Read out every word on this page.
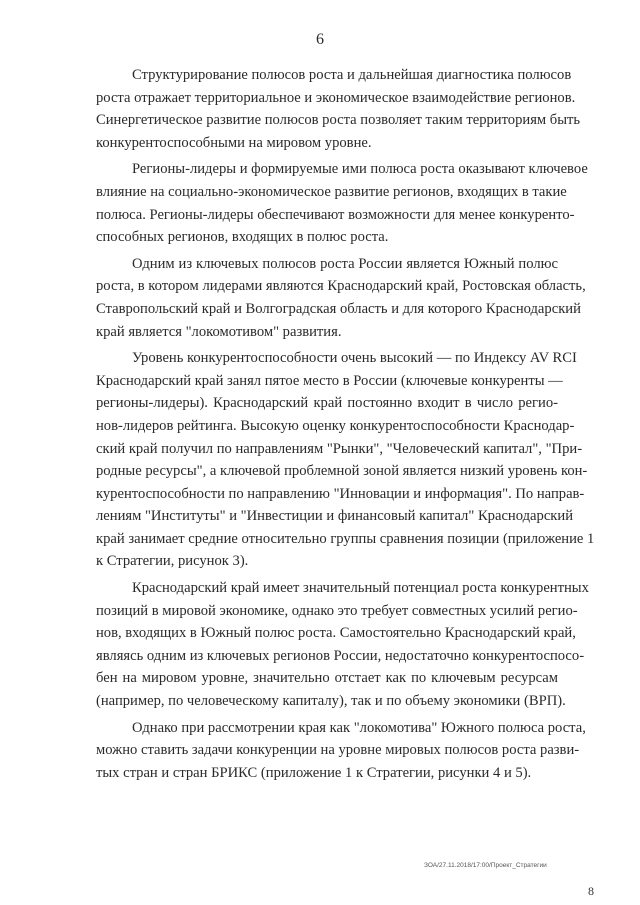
6
Структурирование полюсов роста и дальнейшая диагностика полюсов
роста отражает территориальное и экономическое взаимодействие регионов.
Синергетическое развитие полюсов роста позволяет таким территориям быть
конкурентоспособными на мировом уровне.
Регионы-лидеры и формируемые ими полюса роста оказывают ключевое
влияние на социально-экономическое развитие регионов, входящих в такие
полюса. Регионы-лидеры обеспечивают возможности для менее конкуренто-
способных регионов, входящих в полюс роста.
Одним из ключевых полюсов роста России является Южный полюс
роста, в котором лидерами являются Краснодарский край, Ростовская область,
Ставропольский край и Волгоградская область и для которого Краснодарский
край является "локомотивом" развития.
Уровень конкурентоспособности очень высокий — по Индексу AV RCI
Краснодарский край занял пятое место в России (ключевые конкуренты —
регионы-лидеры). Краснодарский край постоянно входит в число регио-
нов-лидеров рейтинга. Высокую оценку конкурентоспособности Краснодар-
ский край получил по направлениям "Рынки", "Человеческий капитал", "При-
родные ресурсы", а ключевой проблемной зоной является низкий уровень кон-
курентоспособности по направлению "Инновации и информация". По направ-
лениям "Институты" и "Инвестиции и финансовый капитал" Краснодарский
край занимает средние относительно группы сравнения позиции (приложение 1
к Стратегии, рисунок 3).
Краснодарский край имеет значительный потенциал роста конкурентных
позиций в мировой экономике, однако это требует совместных усилий регио-
нов, входящих в Южный полюс роста. Самостоятельно Краснодарский край,
являясь одним из ключевых регионов России, недостаточно конкурентоспосо-
бен на мировом уровне, значительно отстает как по ключевым ресурсам
(например, по человеческому капиталу), так и по объему экономики (ВРП).
Однако при рассмотрении края как "локомотива" Южного полюса роста,
можно ставить задачи конкуренции на уровне мировых полюсов роста разви-
тых стран и стран БРИКС (приложение 1 к Стратегии, рисунки 4 и 5).
ЗОА/27.11.2018/17:00/Проект_Стратегии
8
